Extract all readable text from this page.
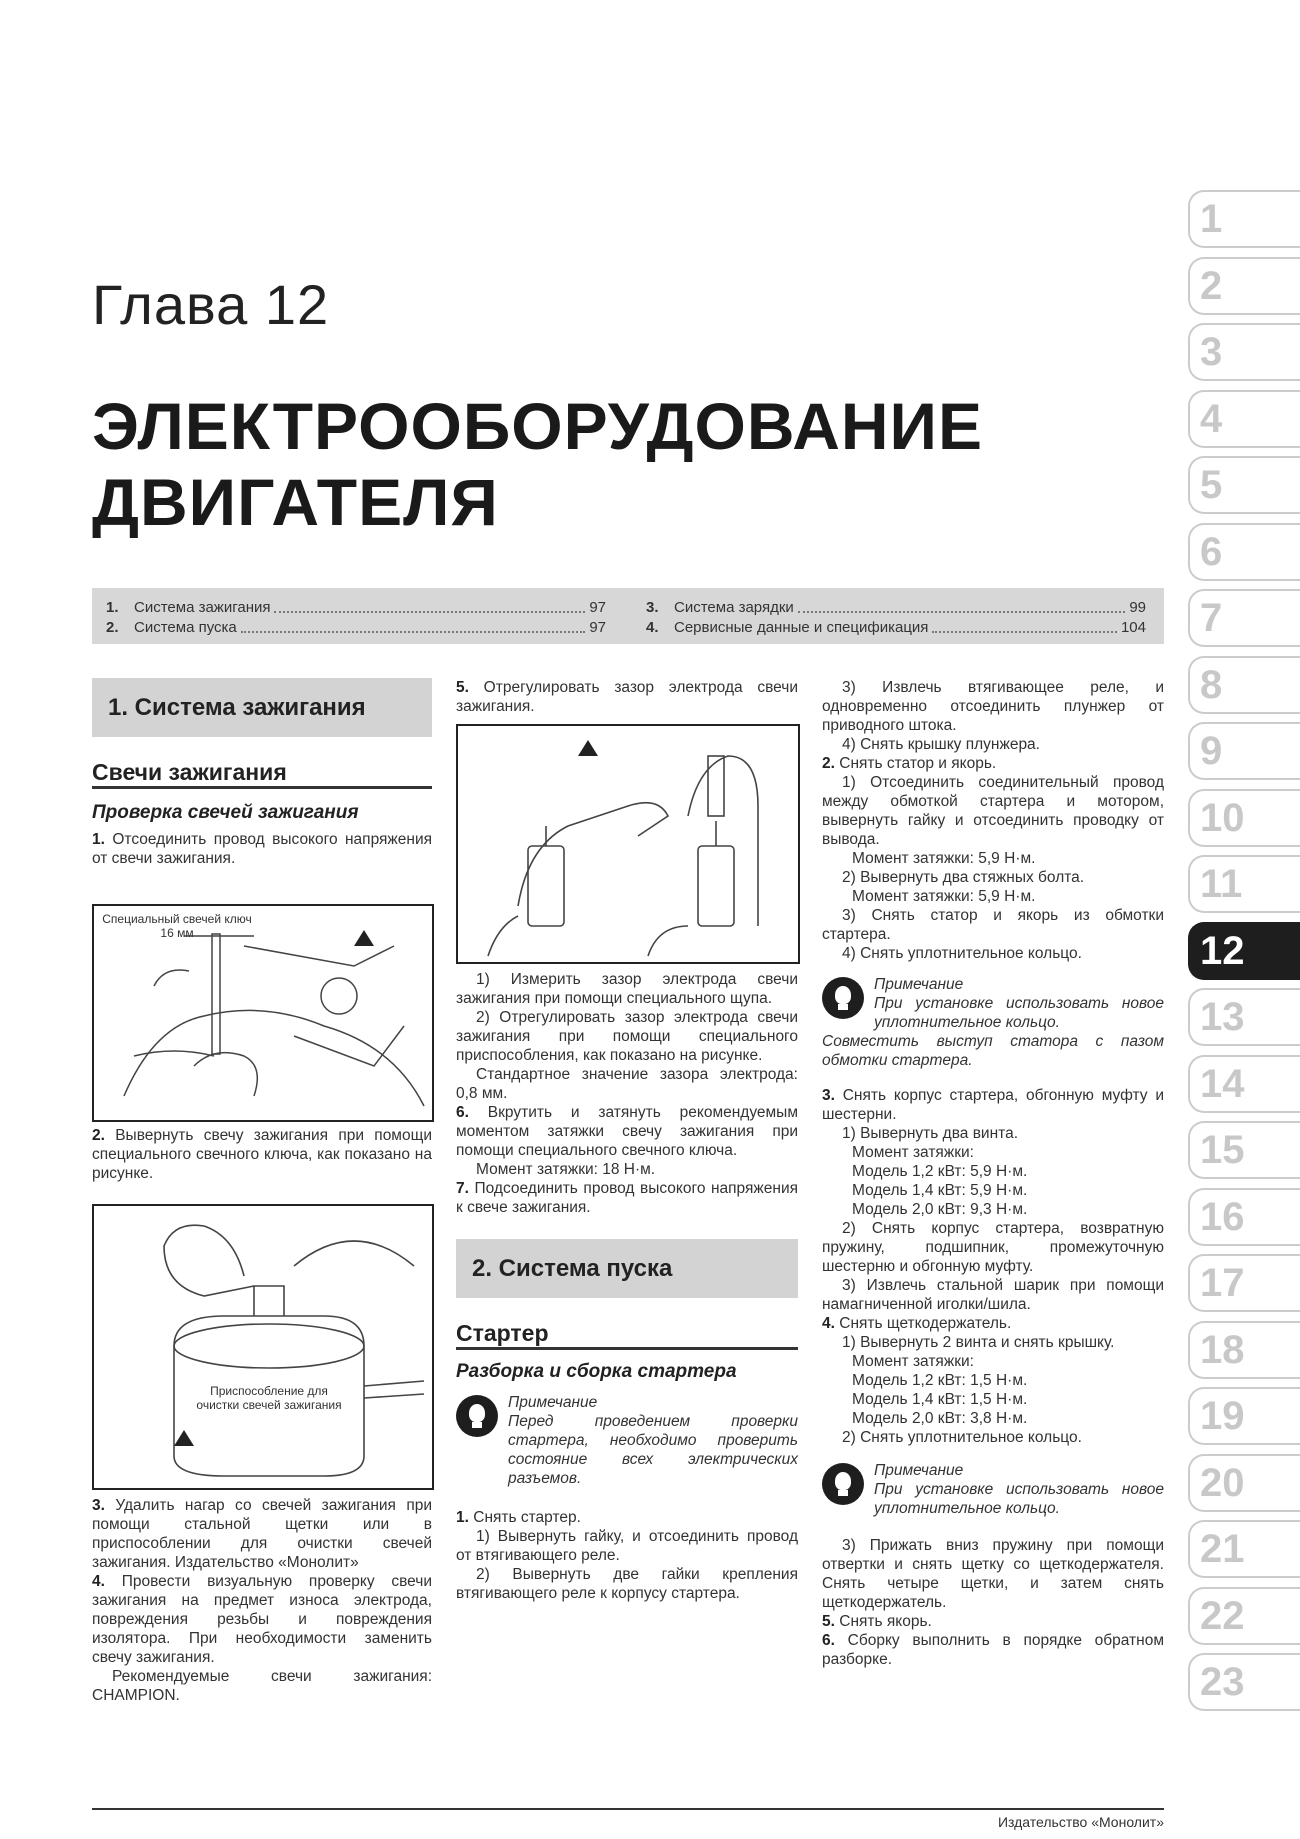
Глава 12
ЭЛЕКТРООБОРУДОВАНИЕ
ДВИГАТЕЛЯ
1.	Система зажигания	97
2.	Система пуска	97
3.	Система зарядки	99
4.	Сервисные данные и спецификация	104
1
2
3
4
5
6
7
8
9
10
11
12
13
14
15
16
17
18
19
20
21
22
23
1. Система зажигания
Свечи зажигания
Проверка свечей зажигания

1. Отсоединить провод высокого напряжения от свечи зажигания.

Специальный свечей ключ 16 мм

2. Вывернуть свечу зажигания при помощи специального свечного ключа, как показано на рисунке.

Приспособление для очистки свечей зажигания

3. Удалить нагар со свечей зажигания при помощи стальной щетки или в приспособлении для очистки свечей зажигания. Издательство «Монолит»

4. Провести визуальную проверку свечи зажигания на предмет износа электрода, повреждения резьбы и повреждения изолятора. При необходимости заменить свечу зажигания.

Рекомендуемые свечи зажигания: CHAMPION.

5. Отрегулировать зазор электрода свечи зажигания.

1) Измерить зазор электрода свечи зажигания при помощи специального щупа.

2) Отрегулировать зазор электрода свечи зажигания при помощи специального приспособления, как показано на рисунке.

Стандартное значение зазора электрода: 0,8 мм.

6. Вкрутить и затянуть рекомендуемым моментом затяжки свечу зажигания при помощи специального свечного ключа.

Момент затяжки: 18 Н·м.

7. Подсоединить провод высокого напряжения к свече зажигания.

2. Система пуска
Стартер
Разборка и сборка стартера
Примечание
Перед проведением проверки стартера, необходимо проверить состояние всех электрических разъемов.

1. Снять стартер.

1) Вывернуть гайку, и отсоединить провод от втягивающего реле.

2) Вывернуть две гайки крепления втягивающего реле к корпусу стартера.

3) Извлечь втягивающее реле, и одновременно отсоединить плунжер от приводного штока.

4) Снять крышку плунжера.

2. Снять статор и якорь.

1) Отсоединить соединительный провод между обмоткой стартера и мотором, вывернуть гайку и отсоединить проводку от вывода.

Момент затяжки: 5,9 Н·м.

2) Вывернуть два стяжных болта.

Момент затяжки: 5,9 Н·м.

3) Снять статор и якорь из обмотки стартера.

4) Снять уплотнительное кольцо.

Примечание
При установке использовать новое уплотнительное кольцо.

Совместить выступ статора с пазом обмотки стартера.

3. Снять корпус стартера, обгонную муфту и шестерни.

1) Вывернуть два винта.

Момент затяжки:

Модель 1,2 кВт: 5,9 Н·м.

Модель 1,4 кВт: 5,9 Н·м.

Модель 2,0 кВт: 9,3 Н·м.

2) Снять корпус стартера, возвратную пружину, подшипник, промежуточную шестерню и обгонную муфту.

3) Извлечь стальной шарик при помощи намагниченной иголки/шила.

4. Снять щеткодержатель.

1) Вывернуть 2 винта и снять крышку.

Момент затяжки:

Модель 1,2 кВт: 1,5 Н·м.

Модель 1,4 кВт: 1,5 Н·м.

Модель 2,0 кВт: 3,8 Н·м.

2) Снять уплотнительное кольцо.

Примечание
При установке использовать новое уплотнительное кольцо.

3) Прижать вниз пружину при помощи отвертки и снять щетку со щеткодержателя. Снять четыре щетки, и затем снять щеткодержатель.

5. Снять якорь.

6. Сборку выполнить в порядке обратном разборке.

Издательство «Монолит»
